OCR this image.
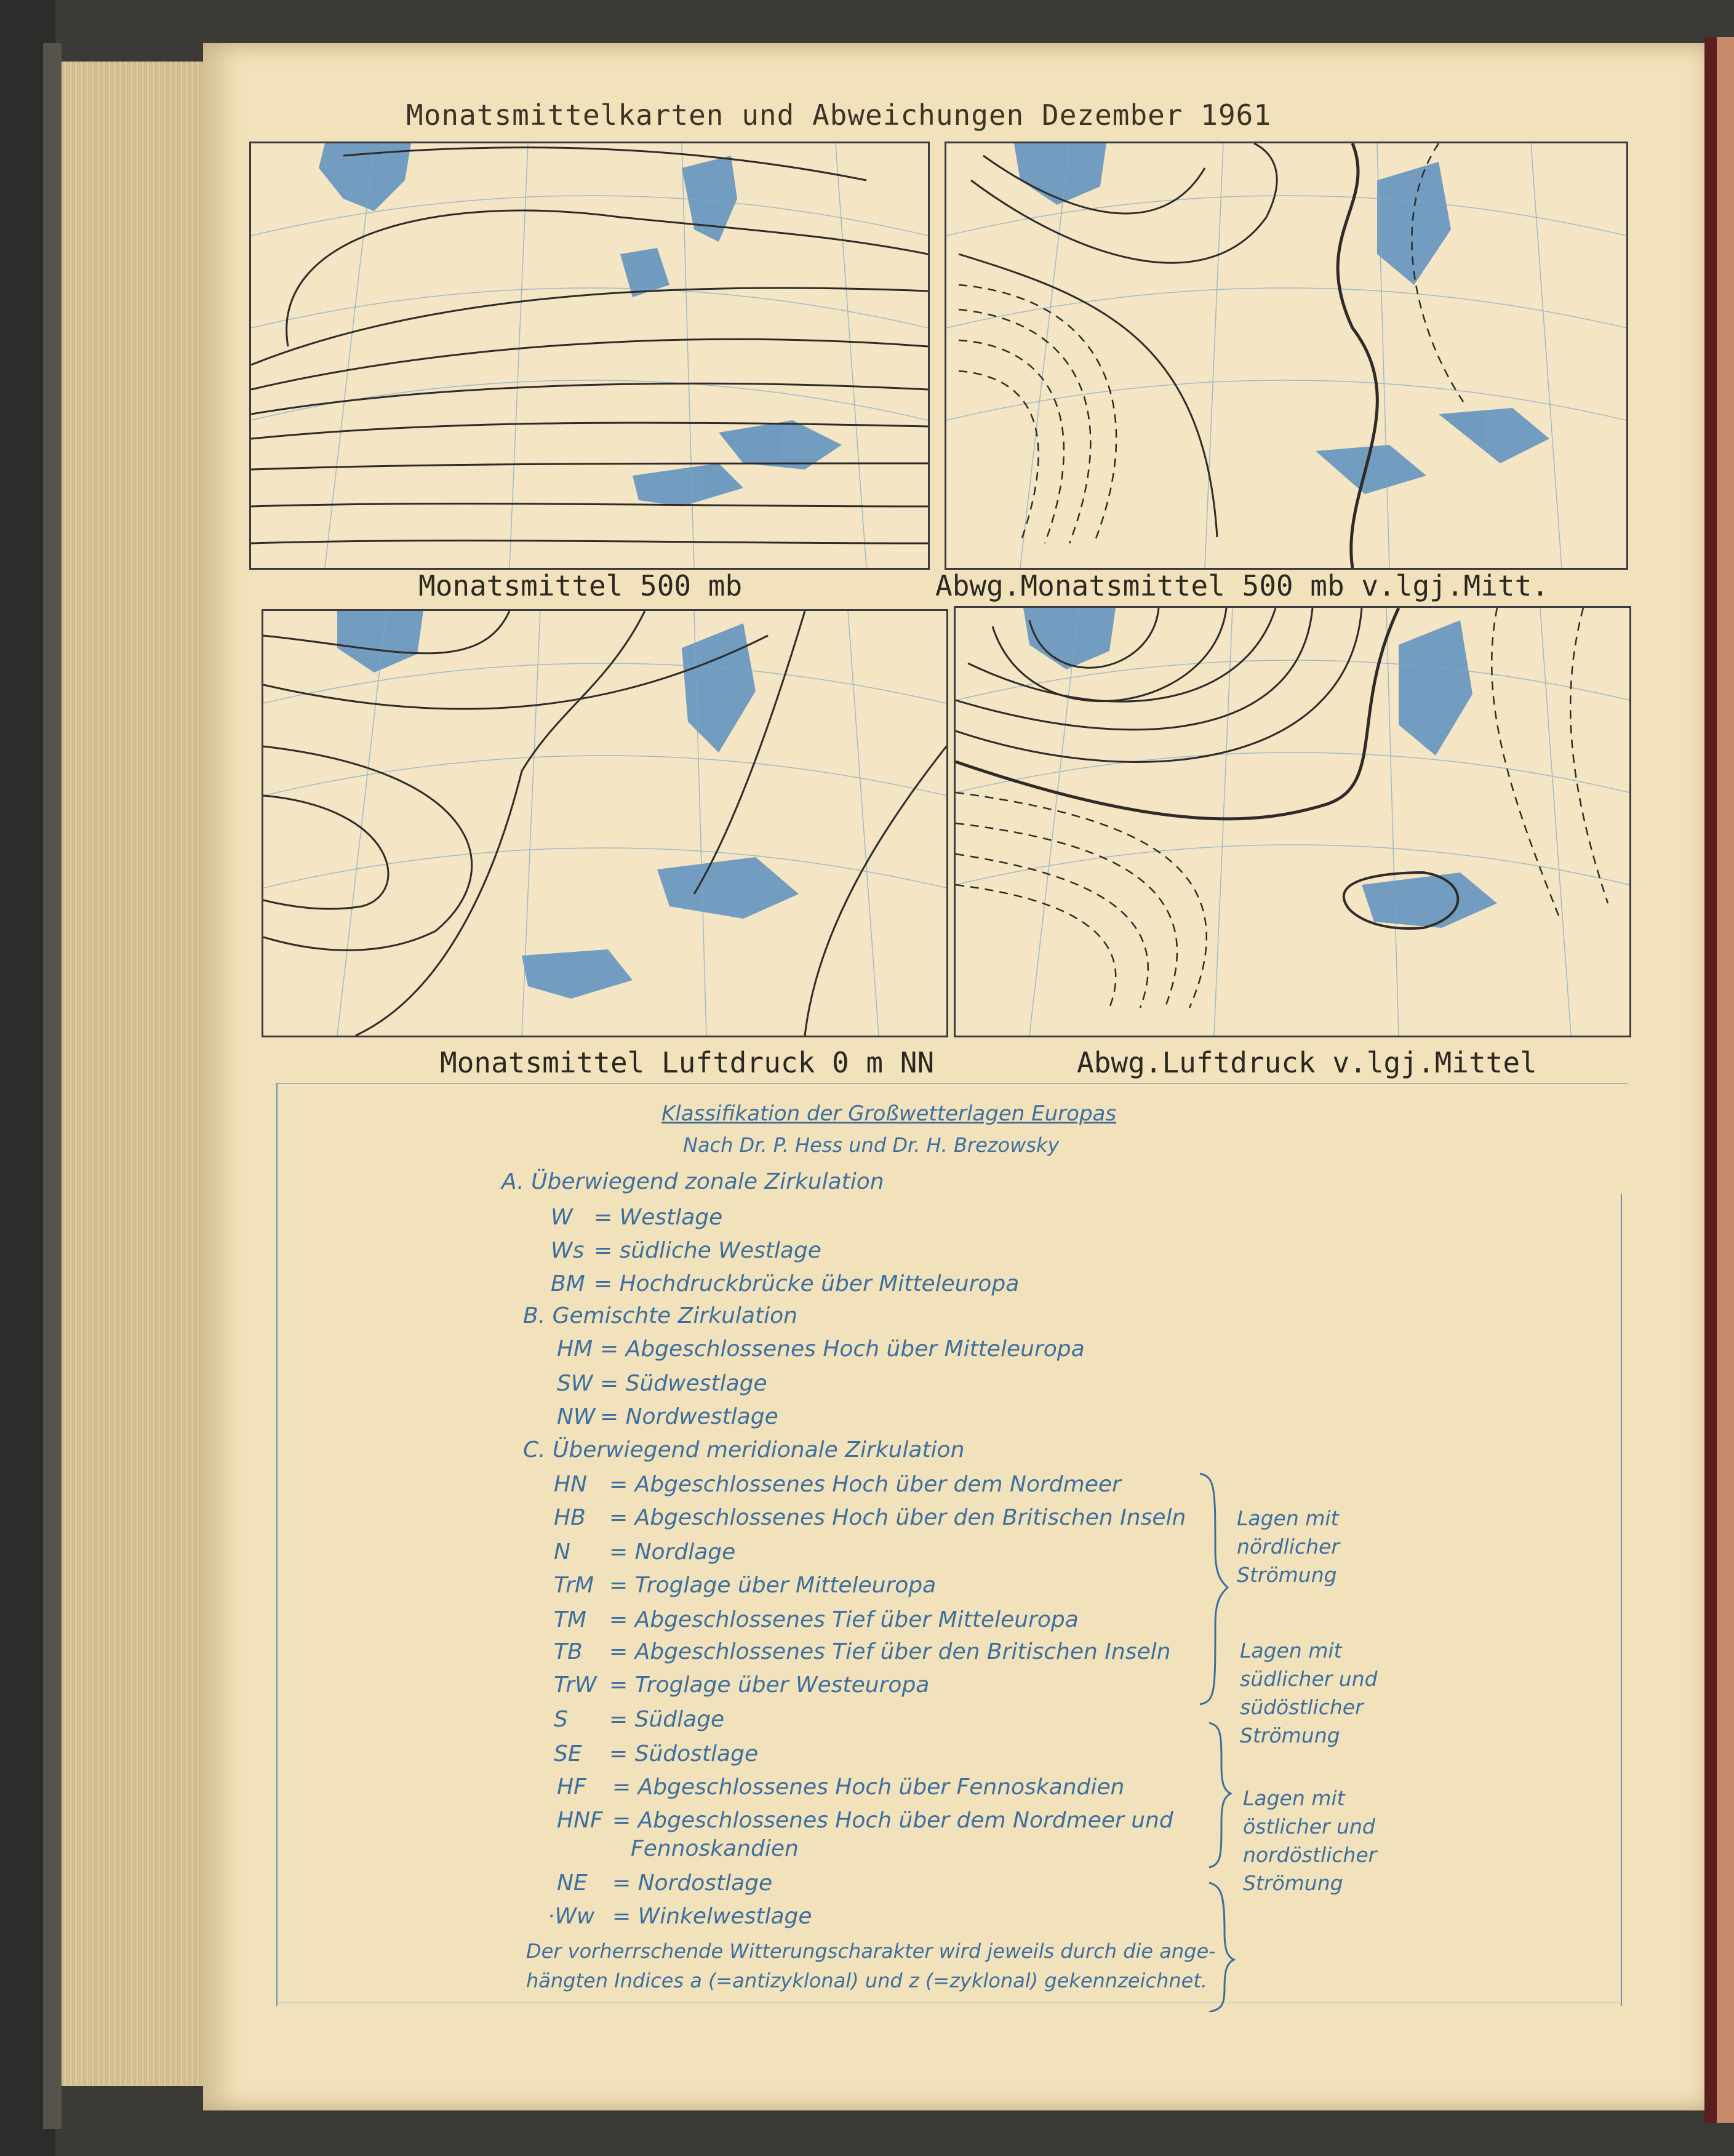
Monatsmittelkarten und Abweichungen Dezember 1961
Monatsmittel 500 mb	Abwg.Monatsmittel 500 mb v.lgj.Mitt.
Monatsmittel Luftdruck 0 m NN	Abwg.Luftdruck v.lgj.Mittel
Klassifikation der Großwetterlagen Europas
Nach Dr. P. Hess und Dr. H. Brezowsky
A. Überwiegend zonale Zirkulation
W = Westlage
Ws = südliche Westlage
BM = Hochdruckbrücke über Mitteleuropa
B. Gemischte Zirkulation
HM = Abgeschlossenes Hoch über Mitteleuropa
SW = Südwestlage
NW = Nordwestlage
C. Überwiegend meridionale Zirkulation
HN = Abgeschlossenes Hoch über dem Nordmeer
HB = Abgeschlossenes Hoch über den Britischen Inseln
N = Nordlage
TrM = Troglage über Mitteleuropa
TM = Abgeschlossenes Tief über Mitteleuropa
TB = Abgeschlossenes Tief über den Britischen Inseln
TrW = Troglage über Westeuropa
S = Südlage
SE = Südostlage
HF = Abgeschlossenes Hoch über Fennoskandien
HNF = Abgeschlossenes Hoch über dem Nordmeer und
Fennoskandien
NE = Nordostlage
·Ww = Winkelwestlage
Lagen mit
nördlicher
Strömung
Lagen mit
südlicher und
südöstlicher
Strömung
Lagen mit
östlicher und
nordöstlicher
Strömung
Der vorherrschende Witterungscharakter wird jeweils durch die ange-
hängten Indices a (=antizyklonal) und z (=zyklonal) gekennzeichnet.
